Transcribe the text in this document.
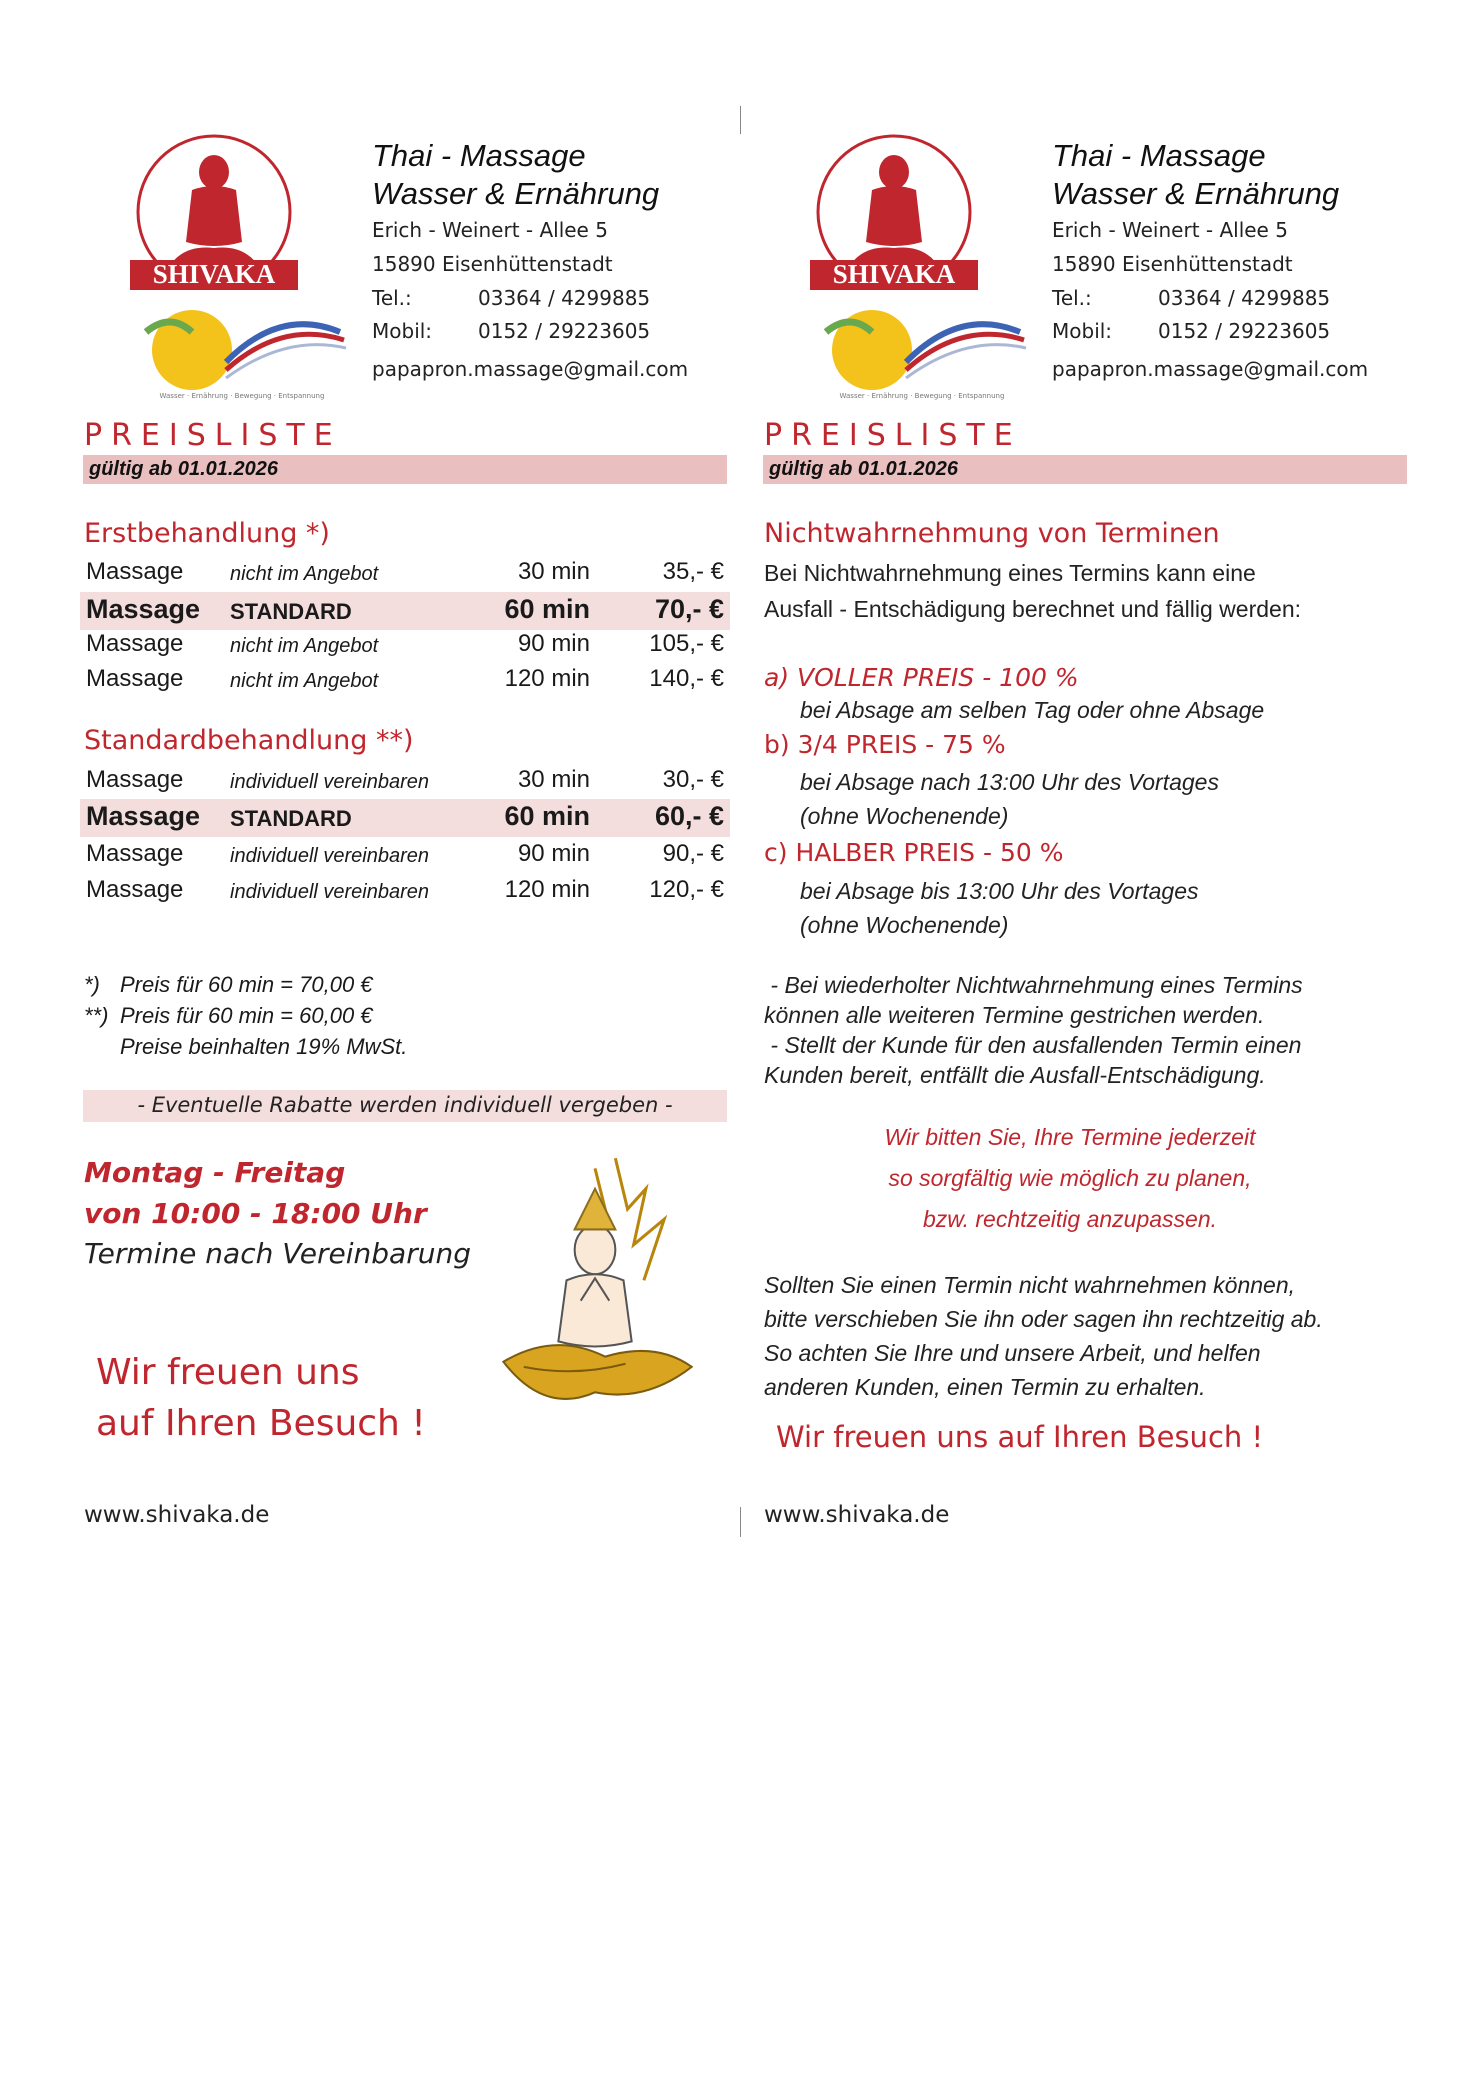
SHIVAKA
Wasser · Ernährung · Bewegung · Entspannung
Thai - Massage
Wasser & Ernährung
Erich - Weinert - Allee 5
15890 Eisenhüttenstadt
Tel.:	03364 / 4299885
Mobil: 0152 / 29223605
papapron.massage@gmail.com
PREISLISTE
gültig ab 01.01.2026
Erstbehandlung *)
Massage nicht im Angebot	30 min	35,- €
Massage STANDARD	60 min 70,- €
Massage nicht im Angebot	90 min 105,- €
Massage nicht im Angebot	120 min 140,- €
Standardbehandlung **)
Massage individuell vereinbaren	30 min	30,- €
Massage STANDARD	60 min 60,- €
Massage individuell vereinbaren	90 min	90,- €
Massage individuell vereinbaren	120 min 120,- €
*) Preis für 60 min = 70,00 €
**) Preis für 60 min = 60,00 €
Preise beinhalten 19% MwSt.
- Eventuelle Rabatte werden individuell vergeben -
Montag - Freitag
von 10:00 - 18:00 Uhr
Termine nach Vereinbarung
Wir freuen uns
auf Ihren Besuch !
www.shivaka.de
SHIVAKA
Wasser · Ernährung · Bewegung · Entspannung
Thai - Massage
Wasser & Ernährung
Erich - Weinert - Allee 5
15890 Eisenhüttenstadt
Tel.:	03364 / 4299885
Mobil: 0152 / 29223605
papapron.massage@gmail.com
PREISLISTE
gültig ab 01.01.2026
Nichtwahrnehmung von Terminen
Bei Nichtwahrnehmung eines Termins kann eine
Ausfall - Entschädigung berechnet und fällig werden:
a) VOLLER PREIS - 100 %
bei Absage am selben Tag oder ohne Absage
b) 3/4 PREIS - 75 %
bei Absage nach 13:00 Uhr des Vortages
(ohne Wochenende)
c) HALBER PREIS - 50 %
bei Absage bis 13:00 Uhr des Vortages
(ohne Wochenende)
- Bei wiederholter Nichtwahrnehmung eines Termins
können alle weiteren Termine gestrichen werden.
- Stellt der Kunde für den ausfallenden Termin einen
Kunden bereit, entfällt die Ausfall-Entschädigung.
Wir bitten Sie, Ihre Termine jederzeit
so sorgfältig wie möglich zu planen,
bzw. rechtzeitig anzupassen.
Sollten Sie einen Termin nicht wahrnehmen können,
bitte verschieben Sie ihn oder sagen ihn rechtzeitig ab.
So achten Sie Ihre und unsere Arbeit, und helfen
anderen Kunden, einen Termin zu erhalten.
Wir freuen uns auf Ihren Besuch !
www.shivaka.de
